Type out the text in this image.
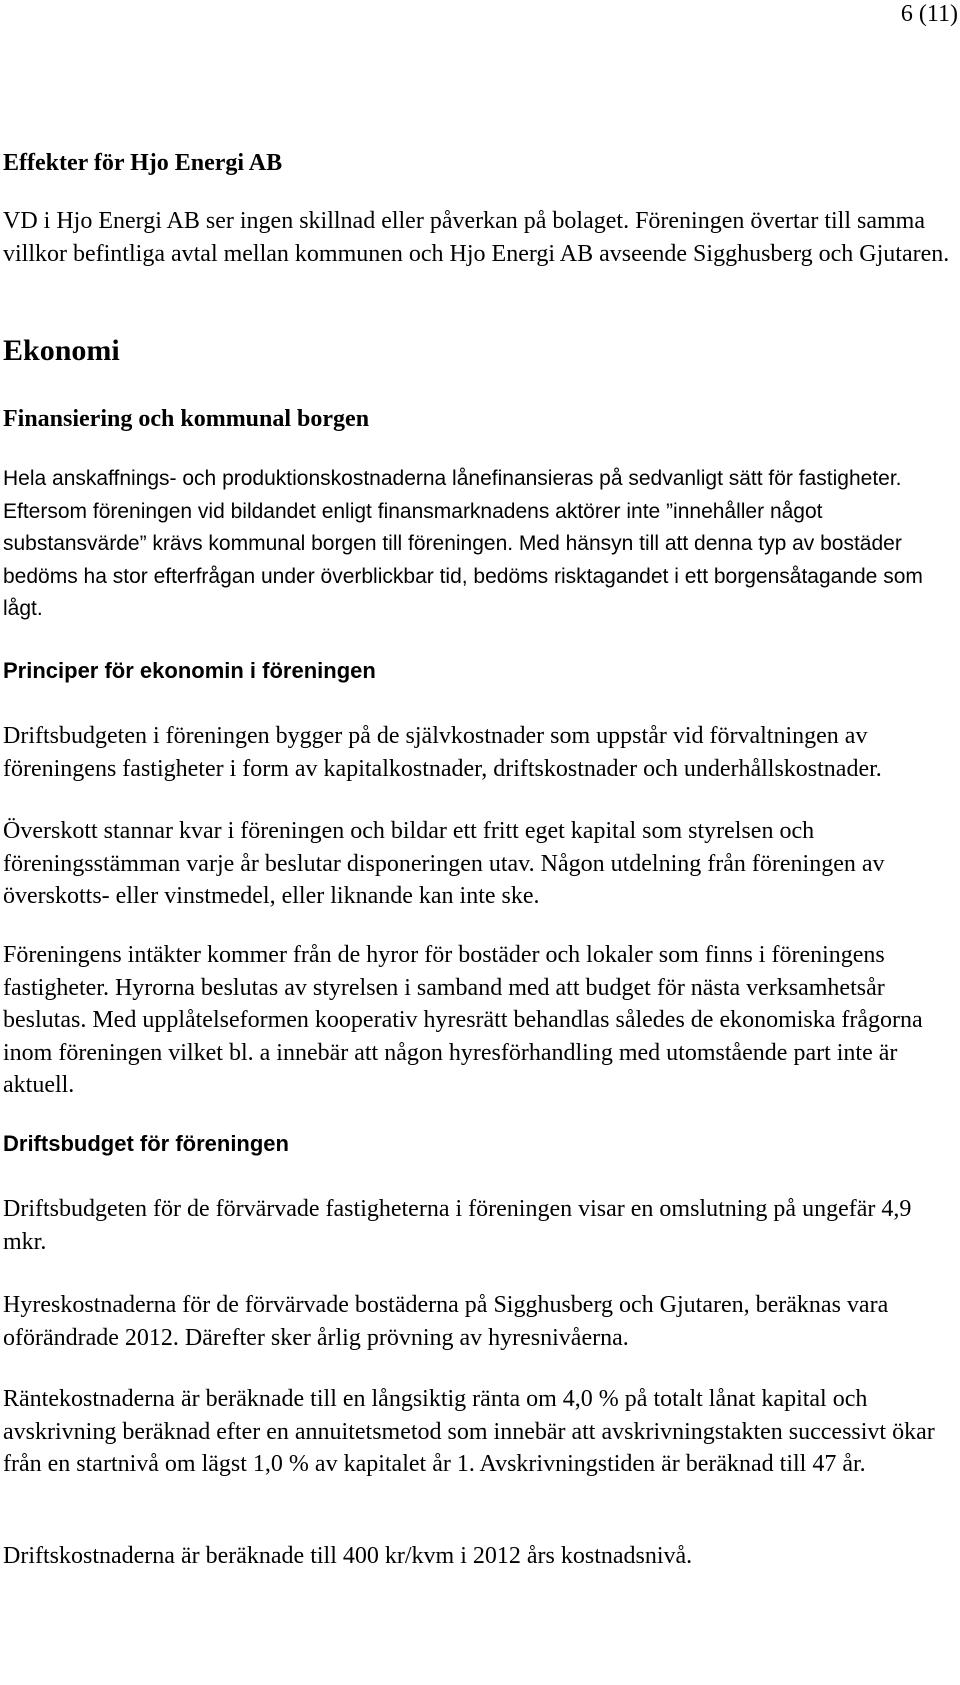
6 (11)
Effekter för Hjo Energi AB

VD i Hjo Energi AB ser ingen skillnad eller påverkan på bolaget. Föreningen övertar till samma villkor befintliga avtal mellan kommunen och Hjo Energi AB avseende Sigghusberg och Gjutaren.

Ekonomi
Finansiering och kommunal borgen

Hela anskaffnings- och produktionskostnaderna lånefinansieras på sedvanligt sätt för fastigheter. Eftersom föreningen vid bildandet enligt finansmarknadens aktörer inte ”innehåller något substansvärde” krävs kommunal borgen till föreningen. Med hänsyn till att denna typ av bostäder bedöms ha stor efterfrågan under överblickbar tid, bedöms risktagandet i ett borgensåtagande som lågt.

Principer för ekonomin i föreningen

Driftsbudgeten i föreningen bygger på de självkostnader som uppstår vid förvaltningen av föreningens fastigheter i form av kapitalkostnader, driftskostnader och underhållskostnader.

Överskott stannar kvar i föreningen och bildar ett fritt eget kapital som styrelsen och föreningsstämman varje år beslutar disponeringen utav. Någon utdelning från föreningen av överskotts- eller vinstmedel, eller liknande kan inte ske.

Föreningens intäkter kommer från de hyror för bostäder och lokaler som finns i föreningens fastigheter. Hyrorna beslutas av styrelsen i samband med att budget för nästa verksamhetsår beslutas. Med upplåtelseformen kooperativ hyresrätt behandlas således de ekonomiska frågorna inom föreningen vilket bl. a innebär att någon hyresförhandling med utomstående part inte är aktuell.

Driftsbudget för föreningen

Driftsbudgeten för de förvärvade fastigheterna i föreningen visar en omslutning på ungefär 4,9 mkr.

Hyreskostnaderna för de förvärvade bostäderna på Sigghusberg och Gjutaren, beräknas vara oförändrade 2012. Därefter sker årlig prövning av hyresnivåerna.

Räntekostnaderna är beräknade till en långsiktig ränta om 4,0 % på totalt lånat kapital och avskrivning beräknad efter en annuitetsmetod som innebär att avskrivningstakten successivt ökar från en startnivå om lägst 1,0 % av kapitalet år 1. Avskrivningstiden är beräknad till 47 år.

Driftskostnaderna är beräknade till 400 kr/kvm i 2012 års kostnadsnivå.
